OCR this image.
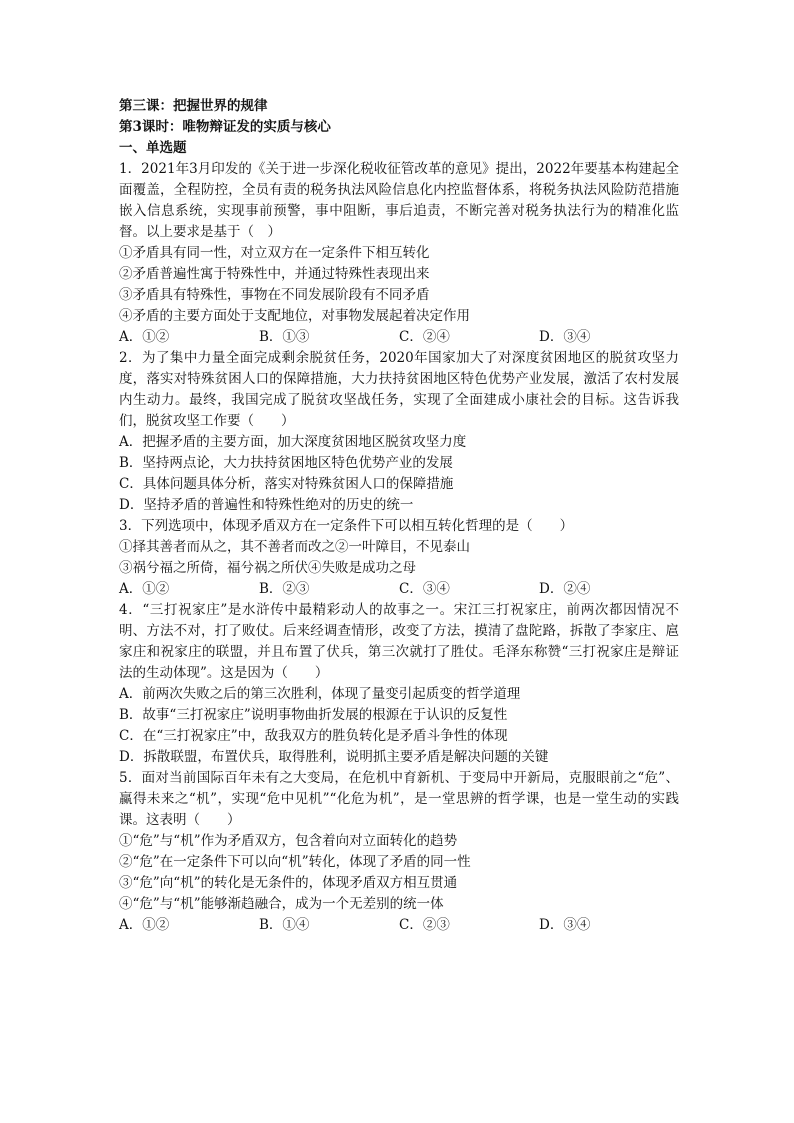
第三课：把握世界的规律

第3课时：唯物辩证发的实质与核心

一、单选题

1．2021年3月印发的《关于进一步深化税收征管改革的意见》提出，2022年要基本构建起全面覆盖，全程防控，全员有责的税务执法风险信息化内控监督体系，将税务执法风险防范措施嵌入信息系统，实现事前预警，事中阻断，事后追责，不断完善对税务执法行为的精准化监督。以上要求是基于（　）

①矛盾具有同一性，对立双方在一定条件下相互转化

②矛盾普遍性寓于特殊性中，并通过特殊性表现出来

③矛盾具有特殊性，事物在不同发展阶段有不同矛盾

④矛盾的主要方面处于支配地位，对事物发展起着决定作用

A．①②	B．①③	C．②④	D．③④

2．为了集中力量全面完成剩余脱贫任务，2020年国家加大了对深度贫困地区的脱贫攻坚力度，落实对特殊贫困人口的保障措施，大力扶持贫困地区特色优势产业发展，激活了农村发展内生动力。最终，我国完成了脱贫攻坚战任务，实现了全面建成小康社会的目标。这告诉我们，脱贫攻坚工作要（　　）

A．把握矛盾的主要方面，加大深度贫困地区脱贫攻坚力度

B．坚持两点论，大力扶持贫困地区特色优势产业的发展

C．具体问题具体分析，落实对特殊贫困人口的保障措施

D．坚持矛盾的普遍性和特殊性绝对的历史的统一

3．下列选项中，体现矛盾双方在一定条件下可以相互转化哲理的是（　　）

①择其善者而从之，其不善者而改之②一叶障目，不见泰山

③祸兮福之所倚，福兮祸之所伏④失败是成功之母

A．①②	B．②③	C．③④	D．②④

4．“三打祝家庄”是水浒传中最精彩动人的故事之一。宋江三打祝家庄，前两次都因情况不明、方法不对，打了败仗。后来经调查情形，改变了方法，摸清了盘陀路，拆散了李家庄、扈家庄和祝家庄的联盟，并且布置了伏兵，第三次就打了胜仗。毛泽东称赞“三打祝家庄是辩证法的生动体现”。这是因为（　　）

A．前两次失败之后的第三次胜利，体现了量变引起质变的哲学道理

B．故事“三打祝家庄”说明事物曲折发展的根源在于认识的反复性

C．在“三打祝家庄”中，敌我双方的胜负转化是矛盾斗争性的体现

D．拆散联盟，布置伏兵，取得胜利，说明抓主要矛盾是解决问题的关键

5．面对当前国际百年未有之大变局，在危机中育新机、于变局中开新局，克服眼前之“危”、赢得未来之“机”，实现“危中见机”“化危为机”，是一堂思辨的哲学课，也是一堂生动的实践课。这表明（　　）

①“危”与“机”作为矛盾双方，包含着向对立面转化的趋势

②“危”在一定条件下可以向“机”转化，体现了矛盾的同一性

③“危”向“机”的转化是无条件的，体现矛盾双方相互贯通

④“危”与“机”能够渐趋融合，成为一个无差别的统一体

A．①②	B．①④	C．②③	D．③④
